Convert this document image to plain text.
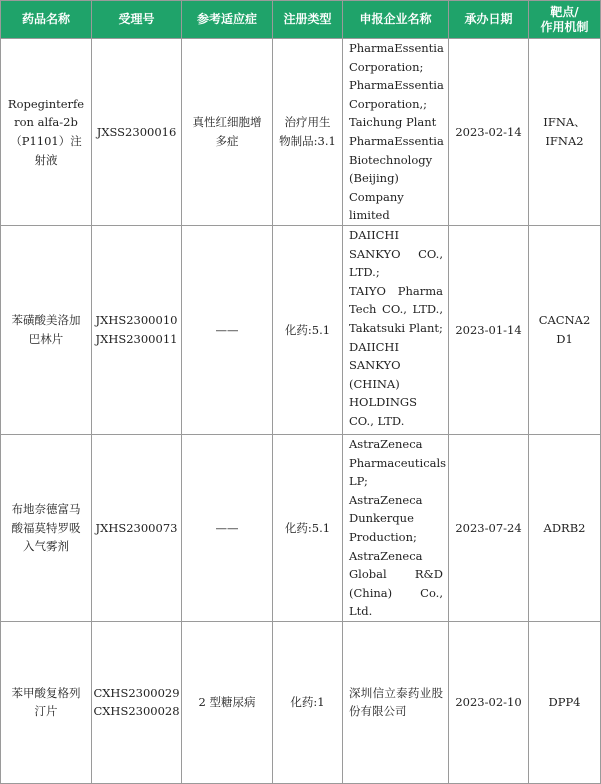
药品名称	受理号	参考适应症	注册类型	申报企业名称	承办日期	靶点/
作用机制

Ropeginterferon alfa-2b（P1101）注射液	JXSS2300016	真性红细胞增多症	治疗用生物制品:3.1	PharmaEssentia Corporation;
PharmaEssentia Corporation,;
Taichung Plant
PharmaEssentia Biotechnology (Beijing)
Company limited	2023-02-14	IFNA、IFNA2

苯磺酸美洛加巴林片	JXHS2300010
JXHS2300011	——	化药:5.1	DAIICHI SANKYO CO., LTD.;
TAIYO Pharma Tech CO., LTD., Takatsuki Plant;
DAIICHI SANKYO (CHINA) HOLDINGS CO., LTD.	2023-01-14	CACNA2D1

布地奈德富马酸福莫特罗吸入气雾剂	JXHS2300073	——	化药:5.1	AstraZeneca Pharmaceuticals LP;
AstraZeneca Dunkerque Production;
AstraZeneca Global R&D (China) Co., Ltd.	2023-07-24	ADRB2

苯甲酸复格列汀片	CXHS2300029
CXHS2300028	2 型糖尿病	化药:1	深圳信立泰药业股份有限公司	2023-02-10	DPP4
